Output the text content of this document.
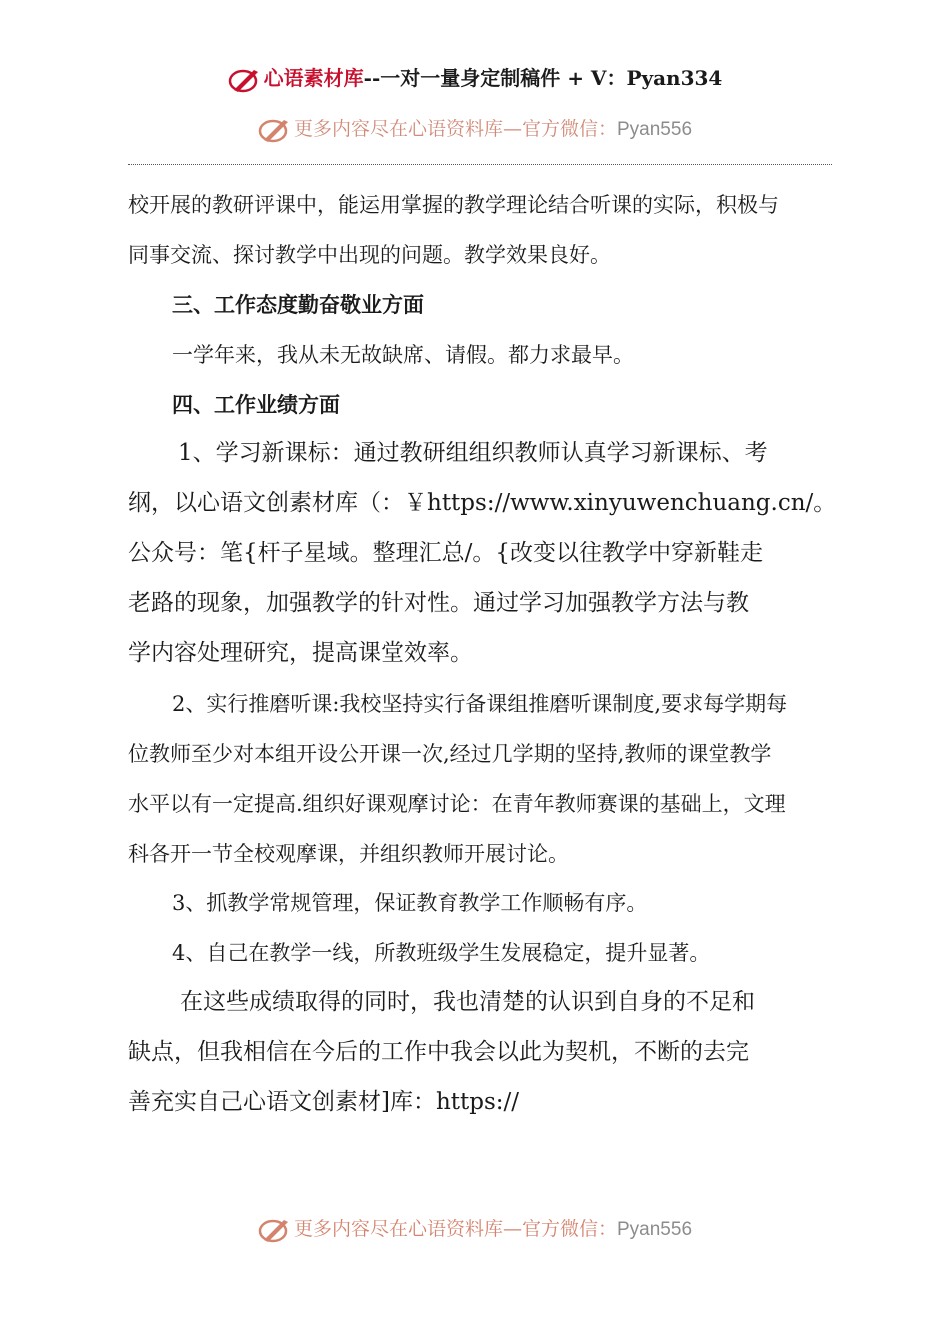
心语素材库--一对一量身定制稿件 + V：Pyan334
更多内容尽在心语资料库—官方微信：Pyan556
校开展的教研评课中，能运用掌握的教学理论结合听课的实际，积极与
同事交流、探讨教学中出现的问题。教学效果良好。
三、工作态度勤奋敬业方面
一学年来，我从未无故缺席、请假。都力求最早。
四、工作业绩方面
1、学习新课标：通过教研组组织教师认真学习新课标、考
纲，以心语文创素材库（：￥https://www.xinyuwenchuang.cn/。
公众号：笔{杆子星域。整理汇总/。{改变以往教学中穿新鞋走
老路的现象，加强教学的针对性。通过学习加强教学方法与教
学内容处理研究，提高课堂效率。
2、实行推磨听课:我校坚持实行备课组推磨听课制度,要求每学期每
位教师至少对本组开设公开课一次,经过几学期的坚持,教师的课堂教学
水平以有一定提高.组织好课观摩讨论：在青年教师赛课的基础上，文理
科各开一节全校观摩课，并组织教师开展讨论。
3、抓教学常规管理，保证教育教学工作顺畅有序。
4、自己在教学一线，所教班级学生发展稳定，提升显著。
在这些成绩取得的同时，我也清楚的认识到自身的不足和
缺点，但我相信在今后的工作中我会以此为契机，不断的去完
善充实自己心语文创素材]库：https://
更多内容尽在心语资料库—官方微信：Pyan556
